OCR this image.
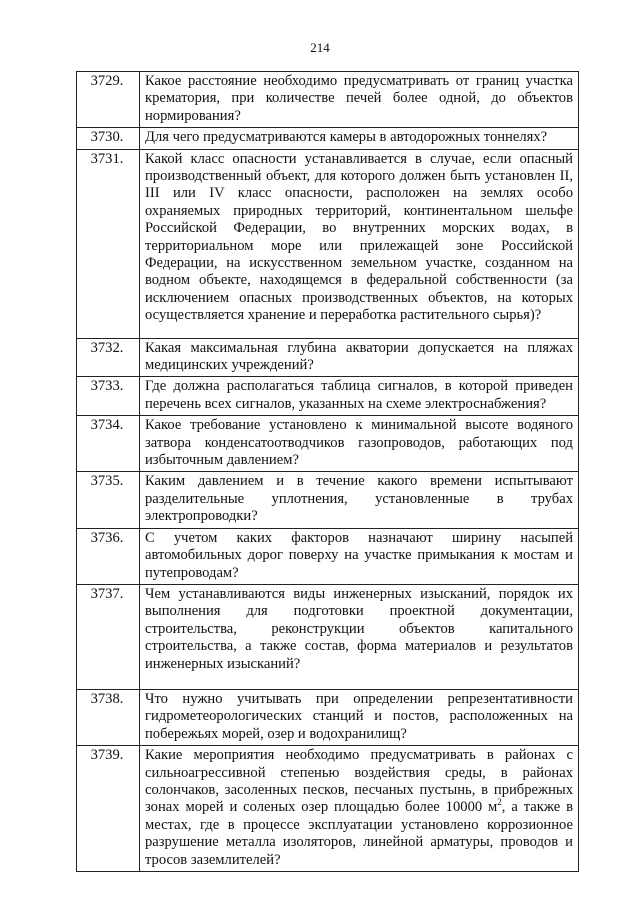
214
3729.	Какое расстояние необходимо предусматривать от границ участка крематория, при количестве печей более одной, до объектов нормирования?
3730.	Для чего предусматриваются камеры в автодорожных тоннелях?
3731.	Какой класс опасности устанавливается в случае, если опасный производственный объект, для которого должен быть установлен II, III или IV класс опасности, расположен на землях особо охраняемых природных территорий, континентальном шельфе Российской Федерации, во внутренних морских водах, в территориальном море или прилежащей зоне Российской Федерации, на искусственном земельном участке, созданном на водном объекте, находящемся в федеральной собственности (за исключением опасных производственных объектов, на которых осуществляется хранение и переработка растительного сырья)?
3732.	Какая максимальная глубина акватории допускается на пляжах медицинских учреждений?
3733.	Где должна располагаться таблица сигналов, в которой приведен перечень всех сигналов, указанных на схеме электроснабжения?
3734.	Какое требование установлено к минимальной высоте водяного затвора конденсатоотводчиков газопроводов, работающих под избыточным давлением?
3735.	Каким давлением и в течение какого времени испытывают разделительные уплотнения, установленные в трубах электропроводки?
3736.	С учетом каких факторов назначают ширину насыпей автомобильных дорог поверху на участке примыкания к мостам и путепроводам?
3737.	Чем устанавливаются виды инженерных изысканий, порядок их выполнения для подготовки проектной документации, строительства, реконструкции объектов капитального строительства, а также состав, форма материалов и результатов инженерных изысканий?
3738.	Что нужно учитывать при определении репрезентативности гидрометеорологических станций и постов, расположенных на побережьях морей, озер и водохранилищ?
3739.	Какие мероприятия необходимо предусматривать в районах с сильноагрессивной степенью воздействия среды, в районах солончаков, засоленных песков, песчаных пустынь, в прибрежных зонах морей и соленых озер площадью более 10000 $м^2$, а также в местах, где в процессе эксплуатации установлено коррозионное разрушение металла изоляторов, линейной арматуры, проводов и тросов заземлителей?
